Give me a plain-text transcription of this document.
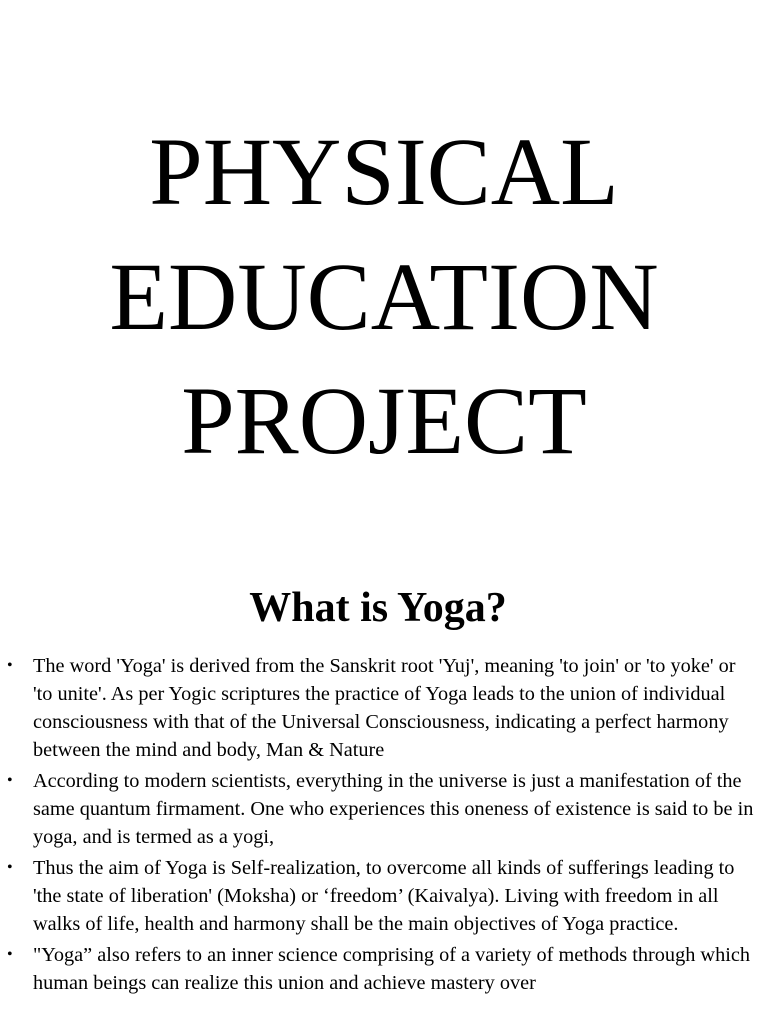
PHYSICAL
EDUCATION
PROJECT
What is Yoga?
• The word 'Yoga' is derived from the Sanskrit root 'Yuj', meaning 'to join' or 'to yoke' or 'to unite'. As per Yogic scriptures the practice of Yoga leads to the union of individual consciousness with that of the Universal Consciousness, indicating a perfect harmony between the mind and body, Man & Nature
• According to modern scientists, everything in the universe is just a manifestation of the same quantum firmament. One who experiences this oneness of existence is said to be in yoga, and is termed as a yogi,
• Thus the aim of Yoga is Self-realization, to overcome all kinds of sufferings leading to 'the state of liberation' (Moksha) or ‘freedom’ (Kaivalya). Living with freedom in all walks of life, health and harmony shall be the main objectives of Yoga practice.
• "Yoga” also refers to an inner science comprising of a variety of methods through which human beings can realize this union and achieve mastery over
